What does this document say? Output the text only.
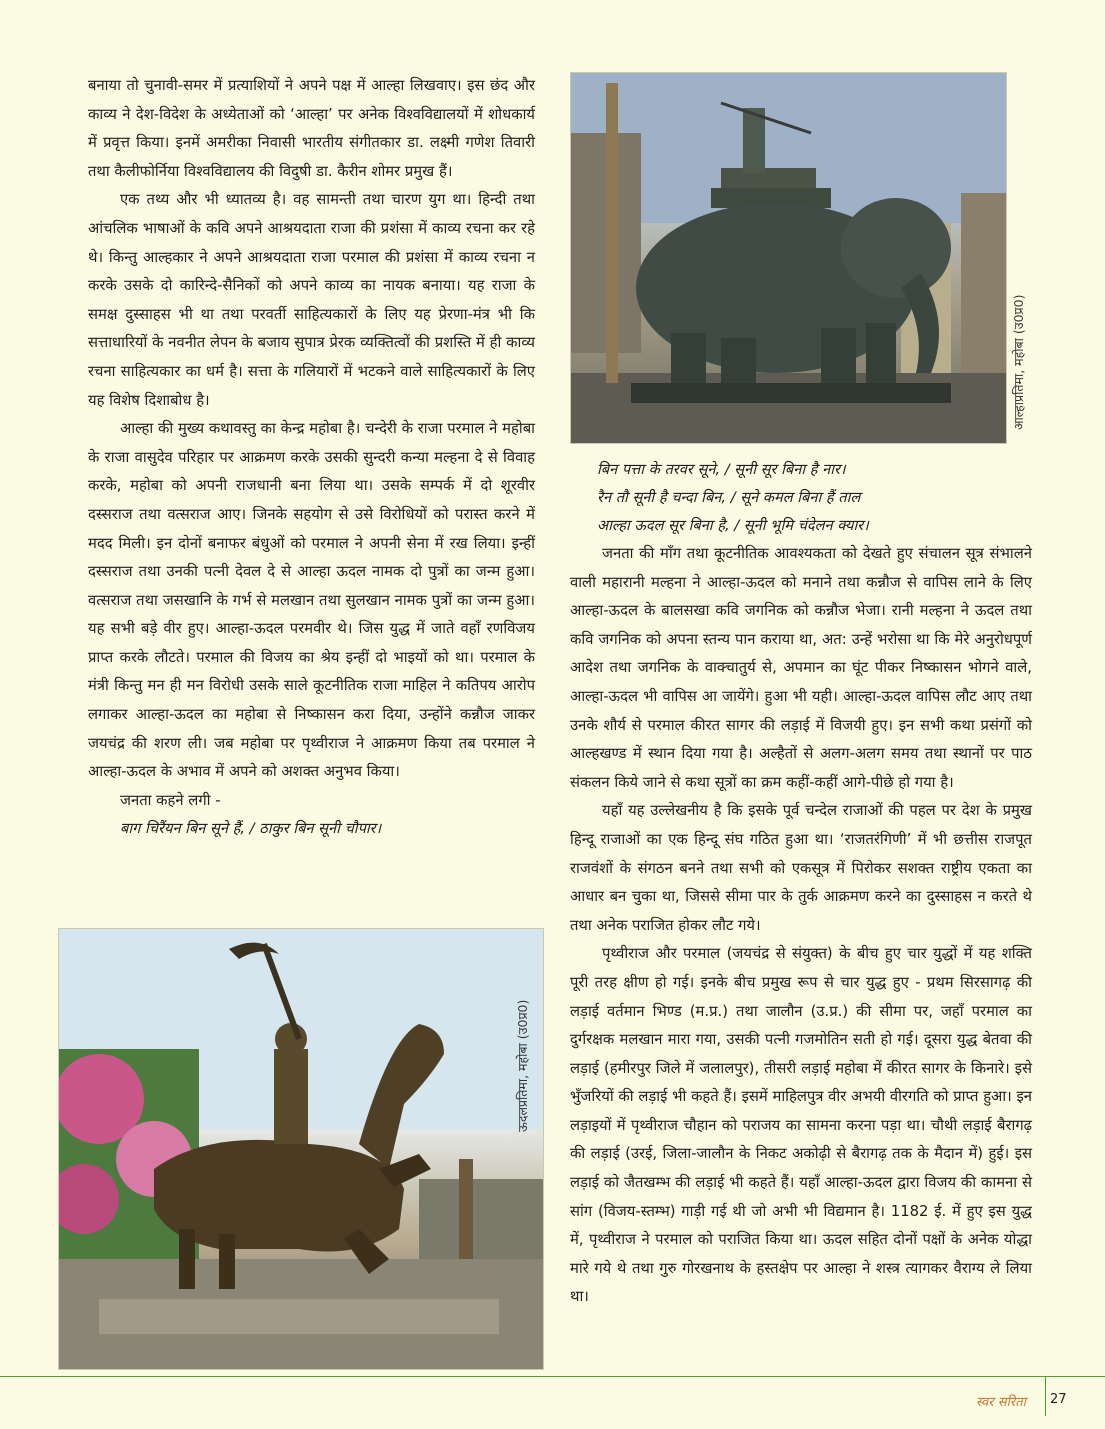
बनाया तो चुनावी-समर में प्रत्याशियों ने अपने पक्ष में आल्हा लिखवाए। इस छंद और काव्य ने देश-विदेश के अध्येताओं को ‘आल्हा’ पर अनेक विश्वविद्यालयों में शोधकार्य में प्रवृत्त किया। इनमें अमरीका निवासी भारतीय संगीतकार डा. लक्ष्मी गणेश तिवारी तथा कैलीफोर्निया विश्वविद्यालय की विदुषी डा. कैरीन शोमर प्रमुख हैं।

एक तथ्य और भी ध्यातव्य है। वह सामन्ती तथा चारण युग था। हिन्दी तथा आंचलिक भाषाओं के कवि अपने आश्रयदाता राजा की प्रशंसा में काव्य रचना कर रहे थे। किन्तु आल्हकार ने अपने आश्रयदाता राजा परमाल की प्रशंसा में काव्य रचना न करके उसके दो कारिन्दे-सैनिकों को अपने काव्य का नायक बनाया। यह राजा के समक्ष दुस्साहस भी था तथा परवर्ती साहित्यकारों के लिए यह प्रेरणा-मंत्र भी कि सत्ताधारियों के नवनीत लेपन के बजाय सुपात्र प्रेरक व्यक्तित्वों की प्रशस्ति में ही काव्य रचना साहित्यकार का धर्म है। सत्ता के गलियारों में भटकने वाले साहित्यकारों के लिए यह विशेष दिशाबोध है।

आल्हा की मुख्य कथावस्तु का केन्द्र महोबा है। चन्देरी के राजा परमाल ने महोबा के राजा वासुदेव परिहार पर आक्रमण करके उसकी सुन्दरी कन्या मल्हना दे से विवाह करके, महोबा को अपनी राजधानी बना लिया था। उसके सम्पर्क में दो शूरवीर दस्सराज तथा वत्सराज आए। जिनके सहयोग से उसे विरोधियों को परास्त करने में मदद मिली। इन दोनों बनाफर बंधुओं को परमाल ने अपनी सेना में रख लिया। इन्हीं दस्सराज तथा उनकी पत्नी देवल दे से आल्हा ऊदल नामक दो पुत्रों का जन्म हुआ। वत्सराज तथा जसखानि के गर्भ से मलखान तथा सुलखान नामक पुत्रों का जन्म हुआ। यह सभी बड़े वीर हुए। आल्हा-ऊदल परमवीर थे। जिस युद्ध में जाते वहाँ रणविजय प्राप्त करके लौटते। परमाल की विजय का श्रेय इन्हीं दो भाइयों को था। परमाल के मंत्री किन्तु मन ही मन विरोधी उसके साले कूटनीतिक राजा माहिल ने कतिपय आरोप लगाकर आल्हा-ऊदल का महोबा से निष्कासन करा दिया, उन्होंने कन्नौज जाकर जयचंद्र की शरण ली। जब महोबा पर पृथ्वीराज ने आक्रमण किया तब परमाल ने आल्हा-ऊदल के अभाव में अपने को अशक्त अनुभव किया।

जनता कहने लगी -
बाग चिरैंयन बिन सूने हैं, / ठाकुर बिन सूनी चौपार।
आल्हाप्रतिमा, महोबा (उ0प्र0)
बिन पत्ता के तरवर सूने, / सूनी सूर बिना है नार।
रैन तौ सूनी है चन्दा बिन, / सूने कमल बिना हैं ताल
आल्हा ऊदल सूर बिना है, / सूनी भूमि चंदेलन क्यार।

जनता की माँग तथा कूटनीतिक आवश्यकता को देखते हुए संचालन सूत्र संभालने वाली महारानी मल्हना ने आल्हा-ऊदल को मनाने तथा कन्नौज से वापिस लाने के लिए आल्हा-ऊदल के बालसखा कवि जगनिक को कन्नौज भेजा। रानी मल्हना ने ऊदल तथा कवि जगनिक को अपना स्तन्य पान कराया था, अत: उन्हें भरोसा था कि मेरे अनुरोधपूर्ण आदेश तथा जगनिक के वाक्चातुर्य से, अपमान का घूंट पीकर निष्कासन भोगने वाले, आल्हा-ऊदल भी वापिस आ जायेंगे। हुआ भी यही। आल्हा-ऊदल वापिस लौट आए तथा उनके शौर्य से परमाल कीरत सागर की लड़ाई में विजयी हुए। इन सभी कथा प्रसंगों को आल्हखण्ड में स्थान दिया गया है। अल्हैतों से अलग-अलग समय तथा स्थानों पर पाठ संकलन किये जाने से कथा सूत्रों का क्रम कहीं-कहीं आगे-पीछे हो गया है।

यहाँ यह उल्लेखनीय है कि इसके पूर्व चन्देल राजाओं की पहल पर देश के प्रमुख हिन्दू राजाओं का एक हिन्दू संघ गठित हुआ था। ‘राजतरंगिणी’ में भी छत्तीस राजपूत राजवंशों के संगठन बनने तथा सभी को एकसूत्र में पिरोकर सशक्त राष्ट्रीय एकता का आधार बन चुका था, जिससे सीमा पार के तुर्क आक्रमण करने का दुस्साहस न करते थे तथा अनेक पराजित होकर लौट गये।

पृथ्वीराज और परमाल (जयचंद्र से संयुक्त) के बीच हुए चार युद्धों में यह शक्ति पूरी तरह क्षीण हो गई। इनके बीच प्रमुख रूप से चार युद्ध हुए - प्रथम सिरसागढ़ की लड़ाई वर्तमान भिण्ड (म.प्र.) तथा जालौन (उ.प्र.) की सीमा पर, जहाँ परमाल का दुर्गरक्षक मलखान मारा गया, उसकी पत्नी गजमोतिन सती हो गई। दूसरा युद्ध बेतवा की लड़ाई (हमीरपुर जिले में जलालपुर), तीसरी लड़ाई महोबा में कीरत सागर के किनारे। इसे भुँजरियों की लड़ाई भी कहते हैं। इसमें माहिलपुत्र वीर अभयी वीरगति को प्राप्त हुआ। इन लड़ाइयों में पृथ्वीराज चौहान को पराजय का सामना करना पड़ा था। चौथी लड़ाई बैरागढ़ की लड़ाई (उरई, जिला-जालौन के निकट अकोढ़ी से बैरागढ़ तक के मैदान में) हुई। इस लड़ाई को जैतखम्भ की लड़ाई भी कहते हैं। यहाँ आल्हा-ऊदल द्वारा विजय की कामना से सांग (विजय-स्तम्भ) गाड़ी गई थी जो अभी भी विद्यमान है। 1182 ई. में हुए इस युद्ध में, पृथ्वीराज ने परमाल को पराजित किया था। ऊदल सहित दोनों पक्षों के अनेक योद्धा मारे गये थे तथा गुरु गोरखनाथ के हस्तक्षेप पर आल्हा ने शस्त्र त्यागकर वैराग्य ले लिया था।

ऊदलप्रतिमा, महोबा (उ0प्र0)
स्वर सरिता 27
